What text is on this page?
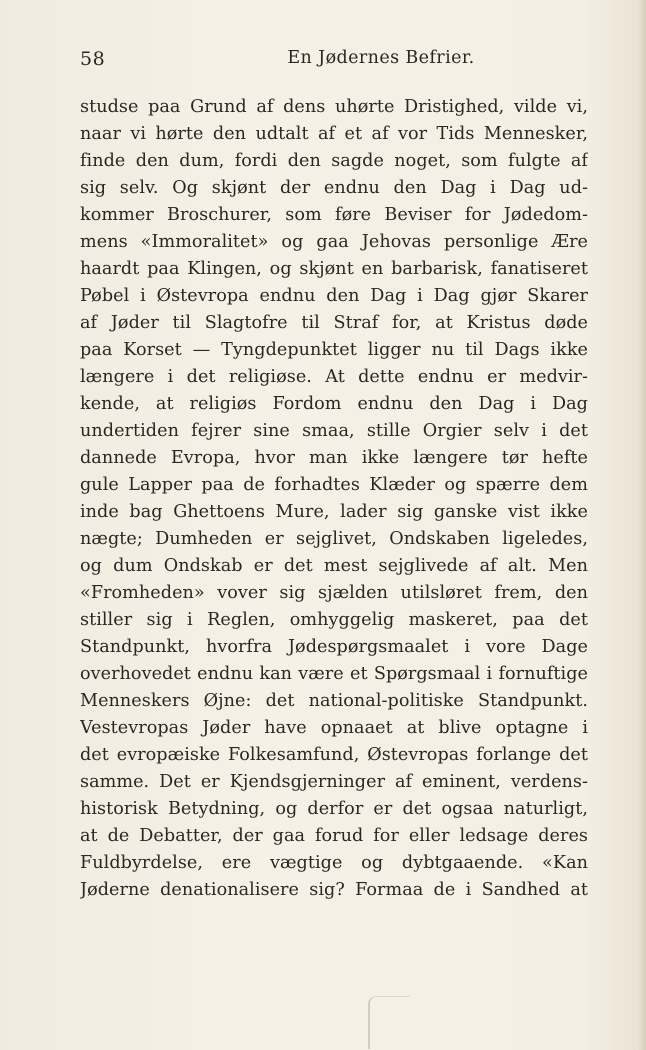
58	En Jødernes Befrier.
studse paa Grund af dens uhørte Dristighed, vilde vi,
naar vi hørte den udtalt af et af vor Tids Mennesker,
finde den dum, fordi den sagde noget, som fulgte af
sig selv. Og skjønt der endnu den Dag i Dag ud-
kommer Broschurer, som føre Beviser for Jødedom-
mens «Immoralitet» og gaa Jehovas personlige Ære
haardt paa Klingen, og skjønt en barbarisk, fanatiseret
Pøbel i Østevropa endnu den Dag i Dag gjør Skarer
af Jøder til Slagtofre til Straf for, at Kristus døde
paa Korset — Tyngdepunktet ligger nu til Dags ikke
længere i det religiøse. At dette endnu er medvir-
kende, at religiøs Fordom endnu den Dag i Dag
undertiden fejrer sine smaa, stille Orgier selv i det
dannede Evropa, hvor man ikke længere tør hefte
gule Lapper paa de forhadtes Klæder og spærre dem
inde bag Ghettoens Mure, lader sig ganske vist ikke
nægte; Dumheden er sejglivet, Ondskaben ligeledes,
og dum Ondskab er det mest sejglivede af alt. Men
«Fromheden» vover sig sjælden utilsløret frem, den
stiller sig i Reglen, omhyggelig maskeret, paa det
Standpunkt, hvorfra Jødespørgsmaalet i vore Dage
overhovedet endnu kan være et Spørgsmaal i fornuftige
Menneskers Øjne: det national-politiske Standpunkt.
Vestevropas Jøder have opnaaet at blive optagne i
det evropæiske Folkesamfund, Østevropas forlange det
samme. Det er Kjendsgjerninger af eminent, verdens-
historisk Betydning, og derfor er det ogsaa naturligt,
at de Debatter, der gaa forud for eller ledsage deres
Fuldbyrdelse, ere vægtige og dybtgaaende. «Kan
Jøderne denationalisere sig? Formaa de i Sandhed at
